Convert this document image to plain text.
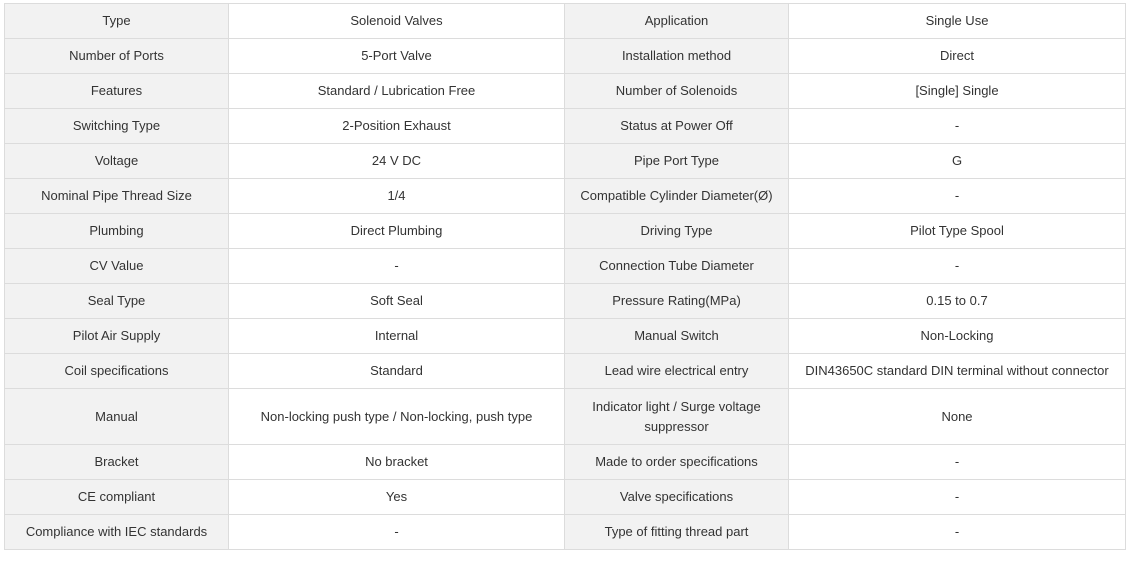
Type	Solenoid Valves	Application	Single Use
Number of Ports	5-Port Valve	Installation method	Direct
Features	Standard / Lubrication Free	Number of Solenoids	[Single] Single
Switching Type	2-Position Exhaust	Status at Power Off	-
Voltage	24 V DC	Pipe Port Type	G
Nominal Pipe Thread Size	1/4	Compatible Cylinder Diameter(Ø)	-
Plumbing	Direct Plumbing	Driving Type	Pilot Type Spool
CV Value	-	Connection Tube Diameter	-
Seal Type	Soft Seal	Pressure Rating(MPa)	0.15 to 0.7
Pilot Air Supply	Internal	Manual Switch	Non-Locking
Coil specifications	Standard	Lead wire electrical entry	DIN43650C standard DIN terminal without connector
Manual	Non-locking push type / Non-locking, push type	Indicator light / Surge voltage suppressor	None
Bracket	No bracket	Made to order specifications	-
CE compliant	Yes	Valve specifications	-
Compliance with IEC standards	-	Type of fitting thread part	-
